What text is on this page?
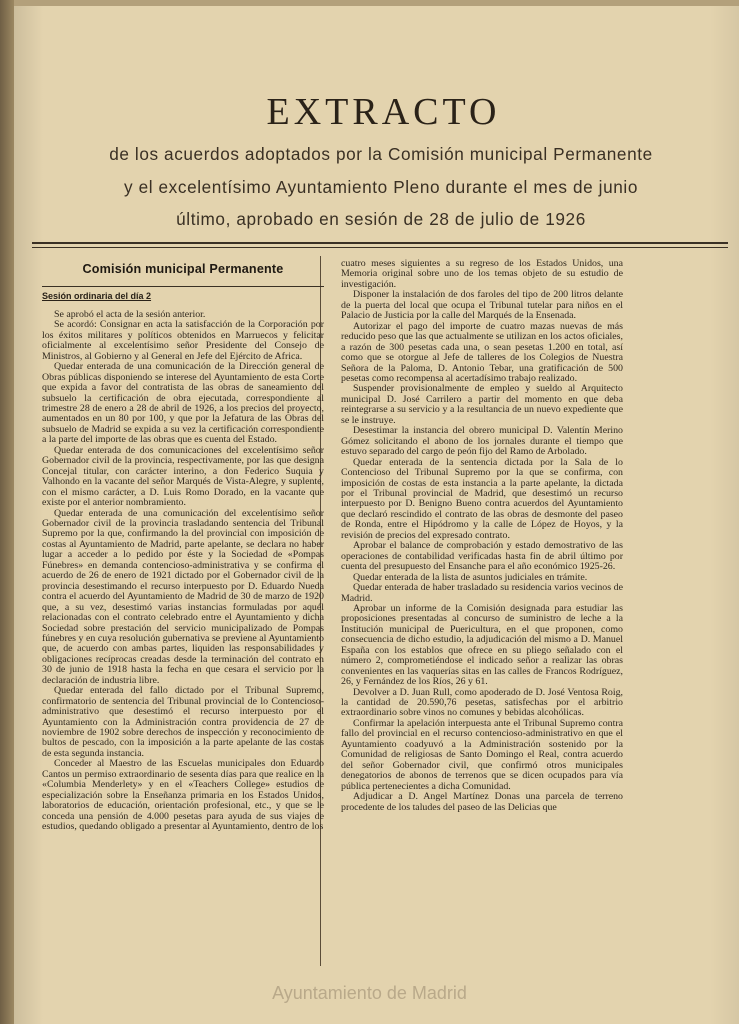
EXTRACTO
de los acuerdos adoptados por la Comisión municipal Permanente
y el excelentísimo Ayuntamiento Pleno durante el mes de junio
último, aprobado en sesión de 28 de julio de 1926
Comisión municipal Permanente
Sesión ordinaria del día 2

Se aprobó el acta de la sesión anterior.

Se acordó: Consignar en acta la satisfacción de la Corporación por los éxitos militares y políticos obtenidos en Marruecos y felicitar oficialmente al excelentísimo señor Presidente del Consejo de Ministros, al Gobierno y al General en Jefe del Ejército de Africa.

Quedar enterada de una comunicación de la Dirección general de Obras públicas disponiendo se interese del Ayuntamiento de esta Corte que expida a favor del contratista de las obras de saneamiento del subsuelo la certificación de obra ejecutada, correspondiente al trimestre 28 de enero a 28 de abril de 1926, a los precios del proyecto, aumentados en un 80 por 100, y que por la Jefatura de las Obras del subsuelo de Madrid se expida a su vez la certificación correspondiente a la parte del importe de las obras que es cuenta del Estado.

Quedar enterada de dos comunicaciones del excelentísimo señor Gobernador civil de la provincia, respectivamente, por las que designa Concejal titular, con carácter interino, a don Federico Suquia y Valhondo en la vacante del señor Marqués de Vista-Alegre, y suplente, con el mismo carácter, a D. Luis Romo Dorado, en la vacante que existe por el anterior nombramiento.

Quedar enterada de una comunicación del excelentísimo señor Gobernador civil de la provincia trasladando sentencia del Tribunal Supremo por la que, confirmando la del provincial con imposición de costas al Ayuntamiento de Madrid, parte apelante, se declara no haber lugar a acceder a lo pedido por éste y la Sociedad de «Pompas Fúnebres» en demanda contencioso-administrativa y se confirma el acuerdo de 26 de enero de 1921 dictado por el Gobernador civil de la provincia desestimando el recurso interpuesto por D. Eduardo Nueda contra el acuerdo del Ayuntamiento de Madrid de 30 de marzo de 1920 que, a su vez, desestimó varias instancias formuladas por aquél relacionadas con el contrato celebrado entre el Ayuntamiento y dicha Sociedad sobre prestación del servicio municipalizado de Pompas fúnebres y en cuya resolución gubernativa se previene al Ayuntamiento que, de acuerdo con ambas partes, liquiden las responsabilidades y obligaciones recíprocas creadas desde la terminación del contrato en 30 de junio de 1918 hasta la fecha en que cesara el servicio por la declaración de industria libre.

Quedar enterada del fallo dictado por el Tribunal Supremo, confirmatorio de sentencia del Tribunal provincial de lo Contencioso-administrativo que desestimó el recurso interpuesto por el Ayuntamiento con la Administración contra providencia de 27 de noviembre de 1902 sobre derechos de inspección y reconocimiento de bultos de pescado, con la imposición a la parte apelante de las costas de esta segunda instancia.

Conceder al Maestro de las Escuelas municipales don Eduardo Cantos un permiso extraordinario de sesenta días para que realice en la «Columbia Menderlety» y en el «Teachers College» estudios de especialización sobre la Enseñanza primaria en los Estados Unidos, laboratorios de educación, orientación profesional, etc., y que se le conceda una pensión de 4.000 pesetas para ayuda de sus viajes de estudios, quedando obligado a presentar al Ayuntamiento, dentro de los

cuatro meses siguientes a su regreso de los Estados Unidos, una Memoria original sobre uno de los temas objeto de su estudio de investigación.

Disponer la instalación de dos faroles del tipo de 200 litros delante de la puerta del local que ocupa el Tribunal tutelar para niños en el Palacio de Justicia por la calle del Marqués de la Ensenada.

Autorizar el pago del importe de cuatro mazas nuevas de más reducido peso que las que actualmente se utilizan en los actos oficiales, a razón de 300 pesetas cada una, o sean pesetas 1.200 en total, así como que se otorgue al Jefe de talleres de los Colegios de Nuestra Señora de la Paloma, D. Antonio Tebar, una gratificación de 500 pesetas como recompensa al acertadísimo trabajo realizado.

Suspender provisionalmente de empleo y sueldo al Arquitecto municipal D. José Carrilero a partir del momento en que deba reintegrarse a su servicio y a la resultancia de un nuevo expediente que se le instruye.

Desestimar la instancia del obrero municipal D. Valentín Merino Gómez solicitando el abono de los jornales durante el tiempo que estuvo separado del cargo de peón fijo del Ramo de Arbolado.

Quedar enterada de la sentencia dictada por la Sala de lo Contencioso del Tribunal Supremo por la que se confirma, con imposición de costas de esta instancia a la parte apelante, la dictada por el Tribunal provincial de Madrid, que desestimó un recurso interpuesto por D. Benigno Bueno contra acuerdos del Ayuntamiento que declaró rescindido el contrato de las obras de desmonte del paseo de Ronda, entre el Hipódromo y la calle de López de Hoyos, y la revisión de precios del expresado contrato.

Aprobar el balance de comprobación y estado demostrativo de las operaciones de contabilidad verificadas hasta fin de abril último por cuenta del presupuesto del Ensanche para el año económico 1925-26.

Quedar enterada de la lista de asuntos judiciales en trámite.

Quedar enterada de haber trasladado su residencia varios vecinos de Madrid.

Aprobar un informe de la Comisión designada para estudiar las proposiciones presentadas al concurso de suministro de leche a la Institución municipal de Puericultura, en el que proponen, como consecuencia de dicho estudio, la adjudicación del mismo a D. Manuel España con los establos que ofrece en su pliego señalado con el número 2, comprometiéndose el indicado señor a realizar las obras convenientes en las vaquerías sitas en las calles de Francos Rodríguez, 26, y Fernández de los Ríos, 26 y 61.

Devolver a D. Juan Rull, como apoderado de D. José Ventosa Roig, la cantidad de 20.590,76 pesetas, satisfechas por el arbitrio extraordinario sobre vinos no comunes y bebidas alcohólicas.

Confirmar la apelación interpuesta ante el Tribunal Supremo contra fallo del provincial en el recurso contencioso-administrativo en que el Ayuntamiento coadyuvó a la Administración sostenido por la Comunidad de religiosas de Santo Domingo el Real, contra acuerdo del señor Gobernador civil, que confirmó otros municipales denegatorios de abonos de terrenos que se dicen ocupados para vía pública pertenecientes a dicha Comunidad.

Adjudicar a D. Angel Martínez Donas una parcela de terreno procedente de los taludes del paseo de las Delicias que

Ayuntamiento de Madrid
